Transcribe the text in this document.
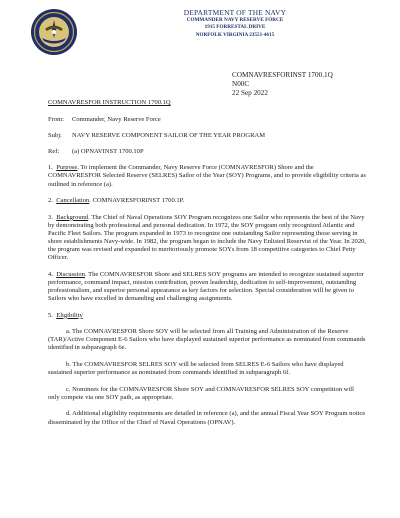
DEPARTMENT OF THE NAVY
COMMANDER NAVY RESERVE FORCE
1915 FORRESTAL DRIVE
NORFOLK VIRGINIA 23551-4615
COMNAVRESFORINST 1700.1Q
N00C
22 Sep 2022
COMNAVRESFOR INSTRUCTION 1700.1Q
From: Commander, Navy Reserve Force
Subj: NAVY RESERVE COMPONENT SAILOR OF THE YEAR PROGRAM
Ref: (a) OPNAVINST 1700.10P

1. Purpose. To implement the Commander, Navy Reserve Force (COMNAVRESFOR) Shore and the COMNAVRESFOR Selected Reserve (SELRES) Sailor of the Year (SOY) Programs, and to provide eligibility criteria as outlined in reference (a).

2. Cancellation. COMNAVRESFORINST 1700.1P.

3. Background. The Chief of Naval Operations SOY Program recognizes one Sailor who represents the best of the Navy by demonstrating both professional and personal dedication. In 1972, the SOY program only recognized Atlantic and Pacific Fleet Sailors. The program expanded in 1973 to recognize one outstanding Sailor representing those serving in shore establishments Navy-wide. In 1982, the program began to include the Navy Enlisted Reservist of the Year. In 2020, the program was revised and expanded to meritoriously promote SOYs from 18 competitive categories to Chief Petty Officer.

4. Discussion. The COMNAVRESFOR Shore and SELRES SOY programs are intended to recognize sustained superior performance, command impact, mission contribution, proven leadership, dedication to self-improvement, outstanding professionalism, and superior personal appearance as key factors for selection. Special consideration will be given to Sailors who have excelled in demanding and challenging assignments.

5. Eligibility

a. The COMNAVRESFOR Shore SOY will be selected from all Training and Administration of the Reserve (TAR)/Active Component E-6 Sailors who have displayed sustained superior performance as nominated from commands identified in subparagraph 6e.

b. The COMNAVRESFOR SELRES SOY will be selected from SELRES E-6 Sailors who have displayed sustained superior performance as nominated from commands identified in subparagraph 6f.

c. Nominees for the COMNAVRESFOR Shore SOY and COMNAVRESFOR SELRES SOY competition will only compete via one SOY path, as appropriate.

d. Additional eligibility requirements are detailed in reference (a), and the annual Fiscal Year SOY Program notice disseminated by the Office of the Chief of Naval Operations (OPNAV).
